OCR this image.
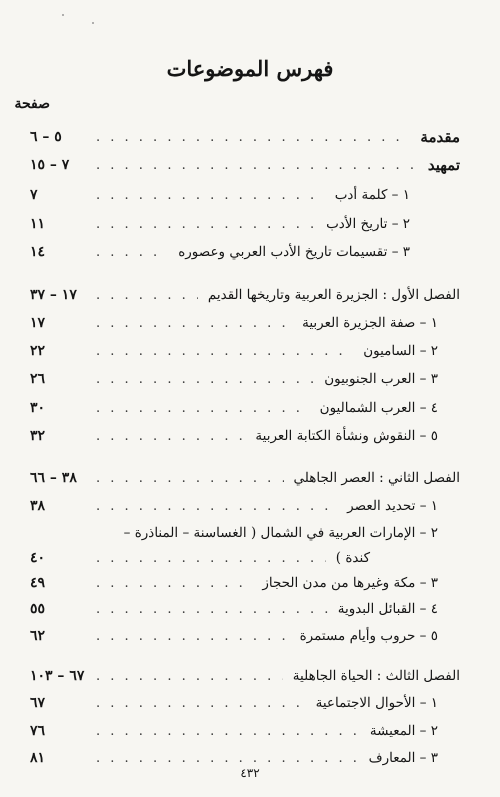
فهرس الموضوعات
صفحة
مقدمة
. . .
٥ – ٦
تمهيد
. . .
٧ – ١٥
١ – كلمة أدب
. . .
٧
٢ – تاريخ الأدب
. . .
١١
٣ – تقسيمات تاريخ الأدب العربي وعصوره
. . .
١٤
الفصل الأول : الجزيرة العربية وتاريخها القديم
. . .
١٧ – ٣٧
١ – صفة الجزيرة العربية
. . .
١٧
٢ – الساميون
. . .
٢٢
٣ – العرب الجنوبيون
. . .
٢٦
٤ – العرب الشماليون
. . .
٣٠
٥ – النقوش ونشأة الكتابة العربية
. . .
٣٢
الفصل الثاني : العصر الجاهلي
. . .
٣٨ – ٦٦
١ – تحديد العصر
. . .
٣٨
٢ – الإمارات العربية في الشمال ( الغساسنة – المناذرة –
كندة )
. . .
٤٠
٣ – مكة وغيرها من مدن الحجاز
. . .
٤٩
٤ – القبائل البدوية
. . .
٥٥
٥ – حروب وأيام مستمرة
. . .
٦٢
الفصل الثالث : الحياة الجاهلية
. . .
٦٧ – ١٠٣
١ – الأحوال الاجتماعية
. . .
٦٧
٢ – المعيشة
. . .
٧٦
٣ – المعارف
. . .
٨١
٤٣٢
